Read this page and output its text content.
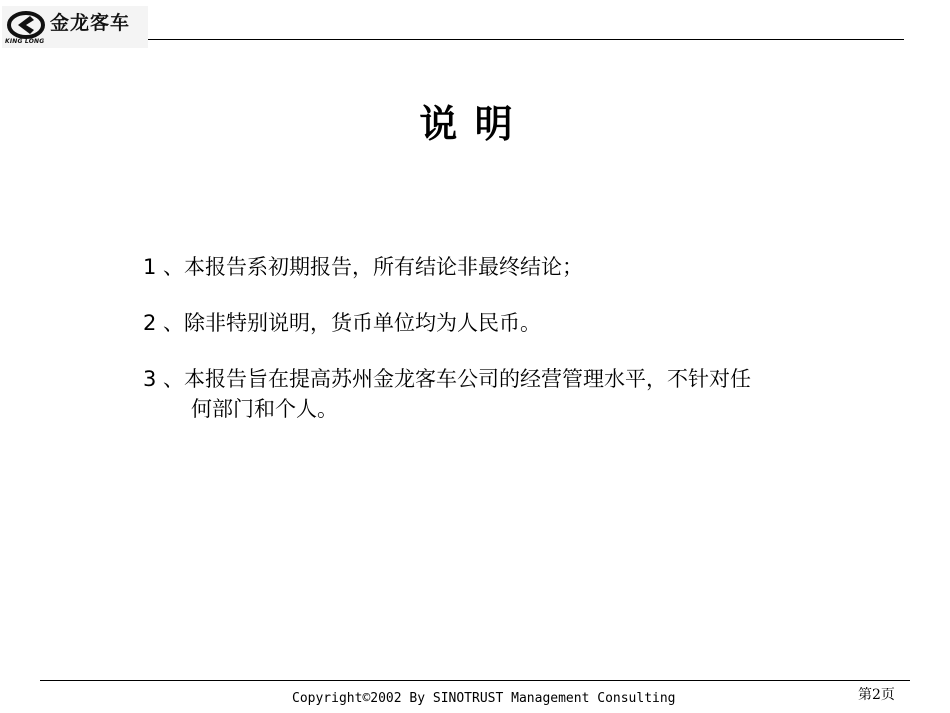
金龙客车
KING LONG
说 明
1 、本报告系初期报告，所有结论非最终结论；
2 、除非特别说明，货币单位均为人民币。
3 、本报告旨在提高苏州金龙客车公司的经营管理水平，不针对任
何部门和个人。
Copyright©2002 By SINOTRUST Management Consulting	第2页
